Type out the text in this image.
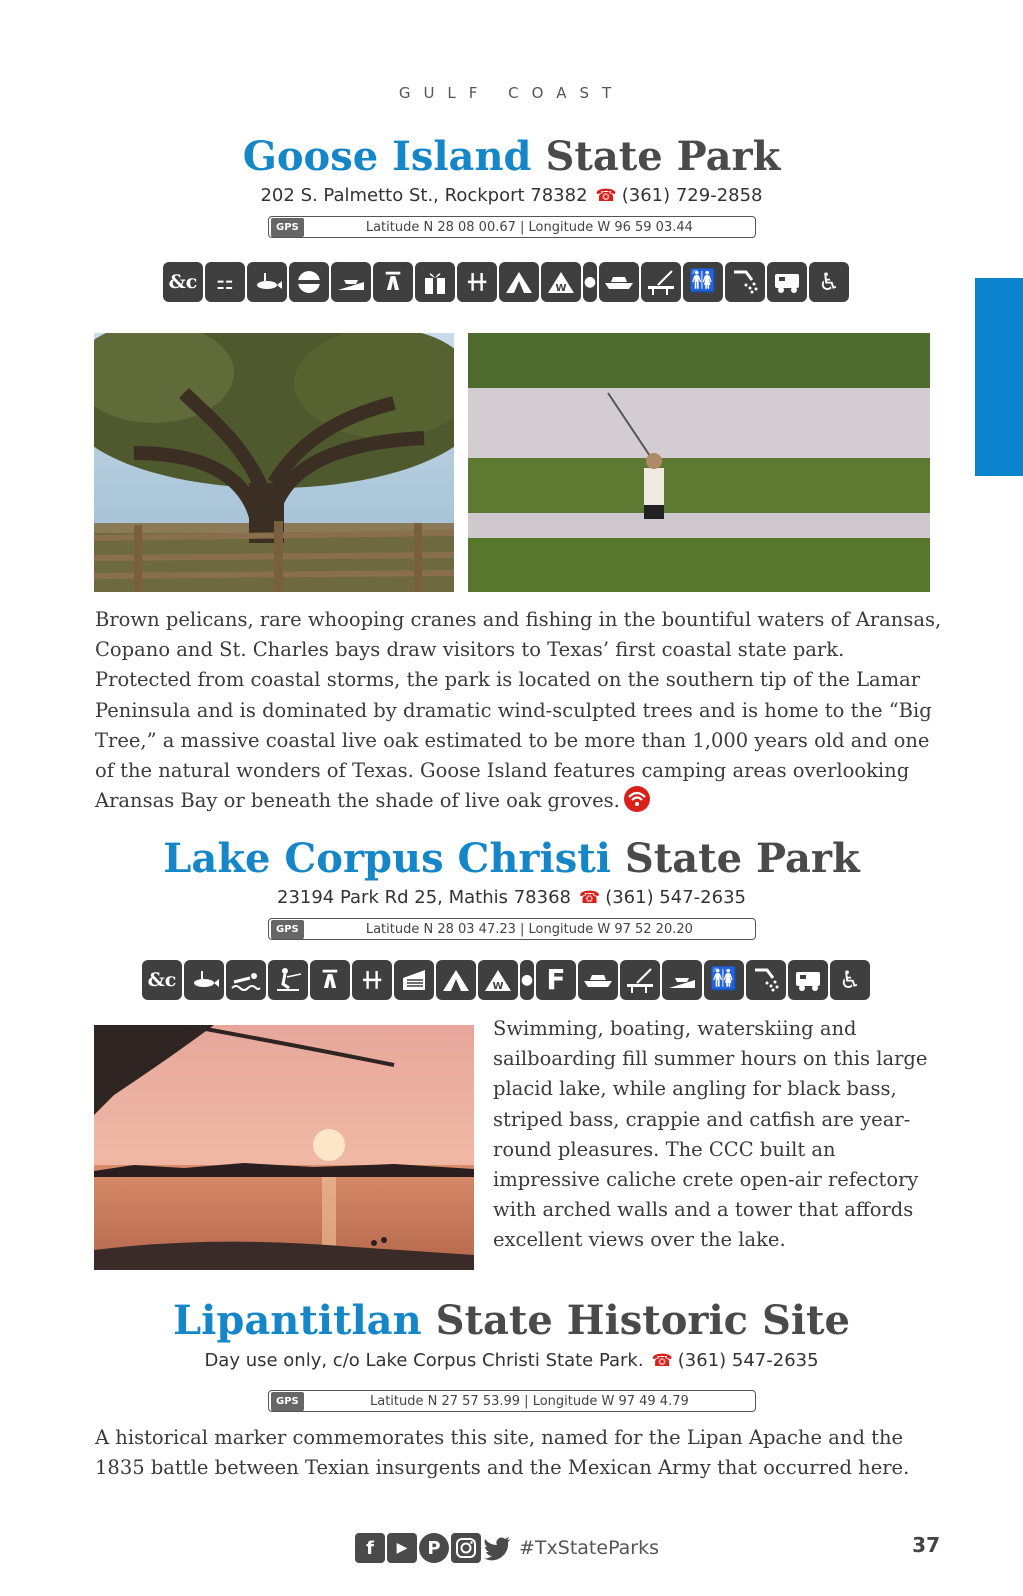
GULF COAST
Goose Island State Park
202 S. Palmetto St., Rockport 78382 ☎ (361) 729-2858
GPS	Latitude N 28 08 00.67 | Longitude W 96 59 03.44
&c ⚏	⊼	╋╋	W ●	🚻	♿

Brown pelicans, rare whooping cranes and fishing in the bountiful waters of Aransas, Copano and St. Charles bays draw visitors to Texas’ first coastal state park. Protected from coastal storms, the park is located on the southern tip of the Lamar Peninsula and is dominated by dramatic wind-sculpted trees and is home to the “Big Tree,” a massive coastal live oak estimated to be more than 1,000 years old and one of the natural wonders of Texas. Goose Island features camping areas overlooking Aransas Bay or beneath the shade of live oak groves.

Lake Corpus Christi State Park
23194 Park Rd 25, Mathis 78368 ☎ (361) 547-2635
GPS	Latitude N 28 03 47.23 | Longitude W 97 52 20.20
&c	⊼	╋╋	W ● F	🚻	♿

Swimming, boating, waterskiing and sailboarding fill summer hours on this large placid lake, while angling for black bass, striped bass, crappie and catfish are year-round pleasures. The CCC built an impressive caliche crete open-air refectory with arched walls and a tower that affords excellent views over the lake.

Lipantitlan State Historic Site
Day use only, c/o Lake Corpus Christi State Park. ☎ (361) 547-2635
GPS	Latitude N 27 57 53.99 | Longitude W 97 49 4.79

A historical marker commemorates this site, named for the Lipan Apache and the 1835 battle between Texian insurgents and the Mexican Army that occurred here.

f	▶	P	#TxStateParks	37
